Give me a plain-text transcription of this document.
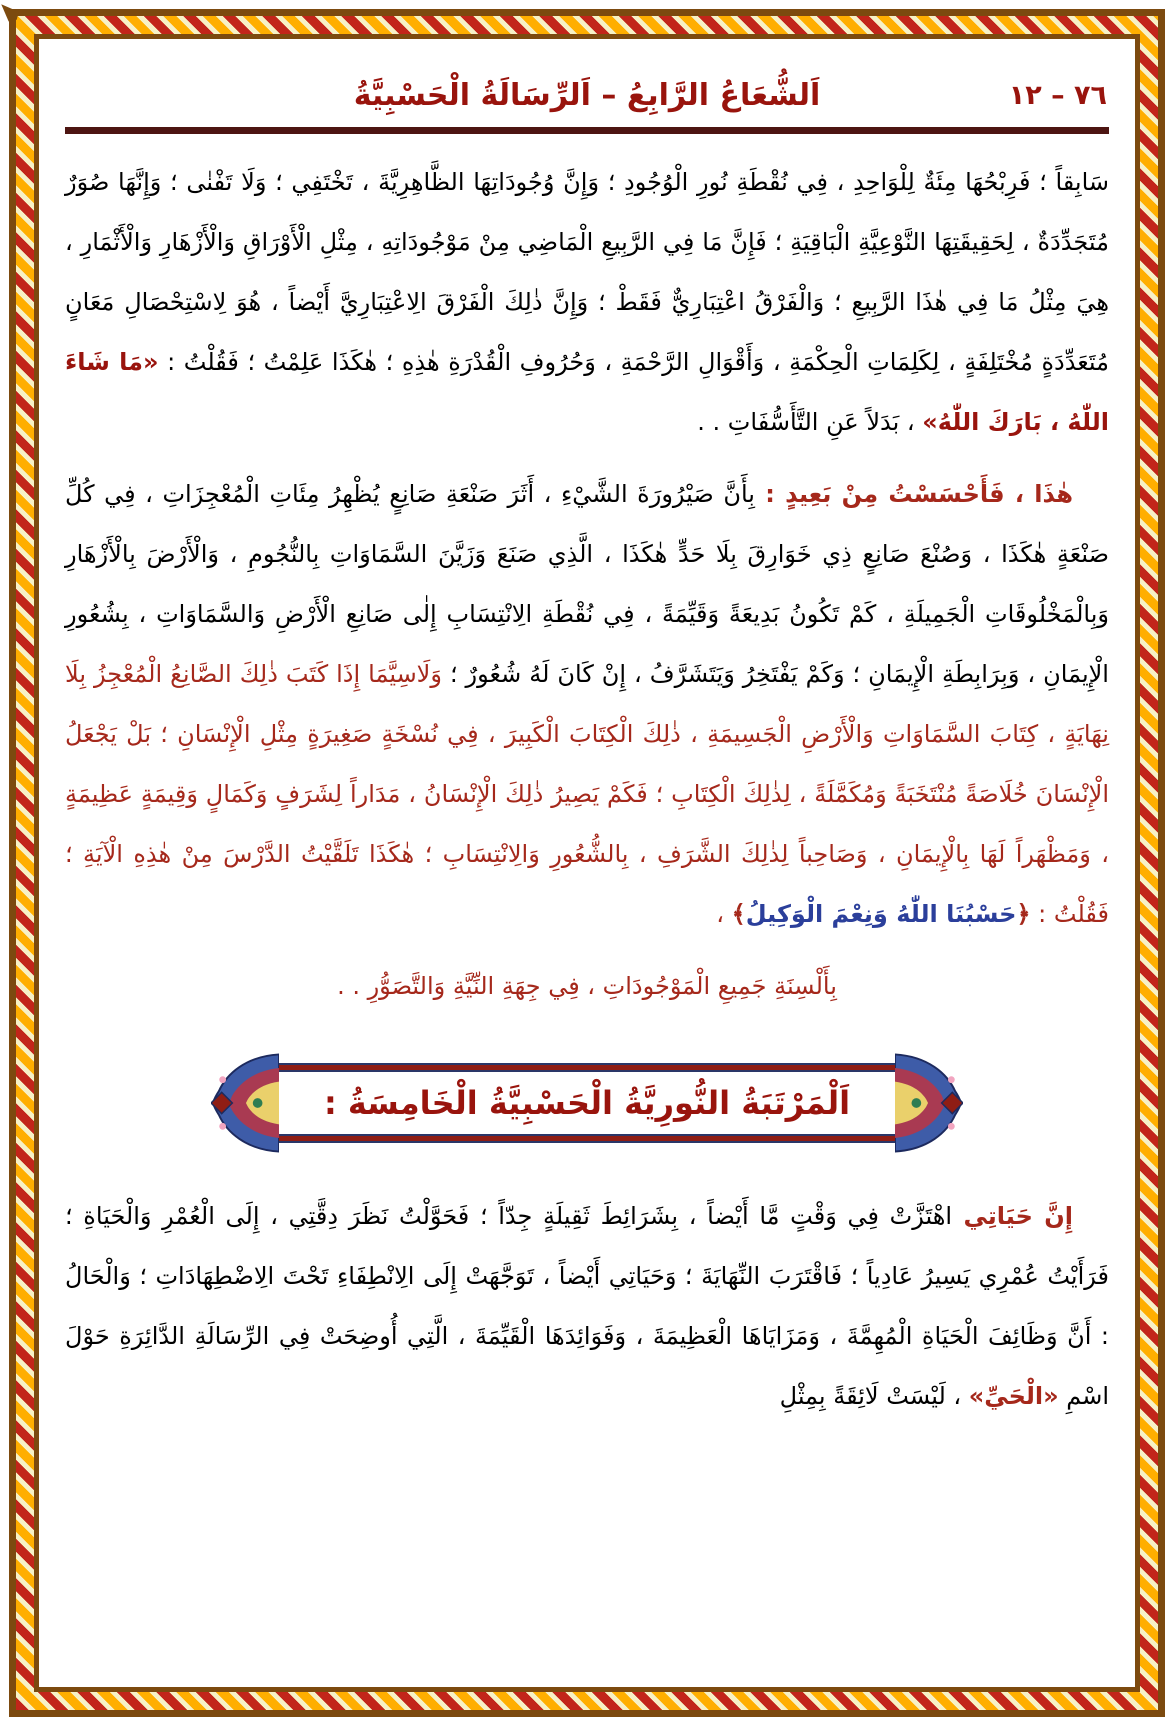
اَلشُّعَاعُ الرَّابِعُ – اَلرِّسَالَةُ الْحَسْبِيَّةُ	٧٦ – ١٢

سَابِقاً ؛ فَرِبْحُهَا مِئَةٌ لِلْوَاحِدِ ، فِي نُقْطَةِ نُورِ الْوُجُودِ ؛ وَإِنَّ وُجُودَاتِهَا الظَّاهِرِيَّةَ ، تَخْتَفِي ؛ وَلَا تَفْنٰى ؛ وَإِنَّهَا صُوَرٌ مُتَجَدِّدَةٌ ، لِحَقِيقَتِهَا النَّوْعِيَّةِ الْبَاقِيَةِ ؛ فَإِنَّ مَا فِي الرَّبِيعِ الْمَاضِي مِنْ مَوْجُودَاتِهِ ، مِثْلِ الْأَوْرَاقِ وَالْأَزْهَارِ وَالْأَثْمَارِ ، هِيَ مِثْلُ مَا فِي هٰذَا الرَّبِيعِ ؛ وَالْفَرْقُ اعْتِبَارِيٌّ فَقَطْ ؛ وَإِنَّ ذٰلِكَ الْفَرْقَ الِاعْتِبَارِيَّ أَيْضاً ، هُوَ لِاسْتِحْصَالِ مَعَانٍ مُتَعَدِّدَةٍ مُخْتَلِفَةٍ ، لِكَلِمَاتِ الْحِكْمَةِ ، وَأَقْوَالِ الرَّحْمَةِ ، وَحُرُوفِ الْقُدْرَةِ هٰذِهِ ؛ هٰكَذَا عَلِمْتُ ؛ فَقُلْتُ : «مَا شَاءَ اللّٰهُ ، بَارَكَ اللّٰهُ» ، بَدَلاً عَنِ التَّأَسُّفَاتِ . .

هٰذَا ، فَأَحْسَسْتُ مِنْ بَعِيدٍ : بِأَنَّ صَيْرُورَةَ الشَّيْءِ ، أَثَرَ صَنْعَةِ صَانِعٍ يُظْهِرُ مِئَاتِ الْمُعْجِزَاتِ ، فِي كُلِّ صَنْعَةٍ هٰكَذَا ، وَصُنْعَ صَانِعٍ ذِي خَوَارِقَ بِلَا حَدٍّ هٰكَذَا ، الَّذِي صَنَعَ وَزَيَّنَ السَّمَاوَاتِ بِالنُّجُومِ ، وَالْأَرْضَ بِالْأَزْهَارِ وَبِالْمَخْلُوقَاتِ الْجَمِيلَةِ ، كَمْ تَكُونُ بَدِيعَةً وَقَيِّمَةً ، فِي نُقْطَةِ الِانْتِسَابِ إِلٰى صَانِعِ الْأَرْضِ وَالسَّمَاوَاتِ ، بِشُعُورِ الْإِيمَانِ ، وَبِرَابِطَةِ الْإِيمَانِ ؛ وَكَمْ يَفْتَخِرُ وَيَتَشَرَّفُ ، إِنْ كَانَ لَهُ شُعُورٌ ؛ وَلَاسِيَّمَا إِذَا كَتَبَ ذٰلِكَ الصَّانِعُ الْمُعْجِزُ بِلَا نِهَايَةٍ ، كِتَابَ السَّمَاوَاتِ وَالْأَرْضِ الْجَسِيمَةِ ، ذٰلِكَ الْكِتَابَ الْكَبِيرَ ، فِي نُسْخَةٍ صَغِيرَةٍ مِثْلِ الْإِنْسَانِ ؛ بَلْ يَجْعَلُ الْإِنْسَانَ خُلَاصَةً مُنْتَخَبَةً وَمُكَمَّلَةً ، لِذٰلِكَ الْكِتَابِ ؛ فَكَمْ يَصِيرُ ذٰلِكَ الْإِنْسَانُ ، مَدَاراً لِشَرَفٍ وَكَمَالٍ وَقِيمَةٍ عَظِيمَةٍ ، وَمَظْهَراً لَهَا بِالْإِيمَانِ ، وَصَاحِباً لِذٰلِكَ الشَّرَفِ ، بِالشُّعُورِ وَالِانْتِسَابِ ؛ هٰكَذَا تَلَقَّيْتُ الدَّرْسَ مِنْ هٰذِهِ الْآيَةِ ؛ فَقُلْتُ : ﴿حَسْبُنَا اللّٰهُ وَنِعْمَ الْوَكِيلُ﴾ ،

بِأَلْسِنَةِ جَمِيعِ الْمَوْجُودَاتِ ، فِي جِهَةِ النِّيَّةِ وَالتَّصَوُّرِ . .
اَلْمَرْتَبَةُ النُّورِيَّةُ الْحَسْبِيَّةُ الْخَامِسَةُ :

إِنَّ حَيَاتِي اهْتَزَّتْ فِي وَقْتٍ مَّا أَيْضاً ، بِشَرَائِطَ ثَقِيلَةٍ جِدّاً ؛ فَحَوَّلْتُ نَظَرَ دِقَّتِي ، إِلَى الْعُمْرِ وَالْحَيَاةِ ؛ فَرَأَيْتُ عُمْرِي يَسِيرُ عَادِياً ؛ فَاقْتَرَبَ النِّهَايَةَ ؛ وَحَيَاتِي أَيْضاً ، تَوَجَّهَتْ إِلَى الِانْطِفَاءِ تَحْتَ الِاضْطِهَادَاتِ ؛ وَالْحَالُ : أَنَّ وَظَائِفَ الْحَيَاةِ الْمُهِمَّةَ ، وَمَزَايَاهَا الْعَظِيمَةَ ، وَفَوَائِدَهَا الْقَيِّمَةَ ، الَّتِي أُوضِحَتْ فِي الرِّسَالَةِ الدَّائِرَةِ حَوْلَ اسْمِ «الْحَيِّ» ، لَيْسَتْ لَائِقَةً بِمِثْلِ
